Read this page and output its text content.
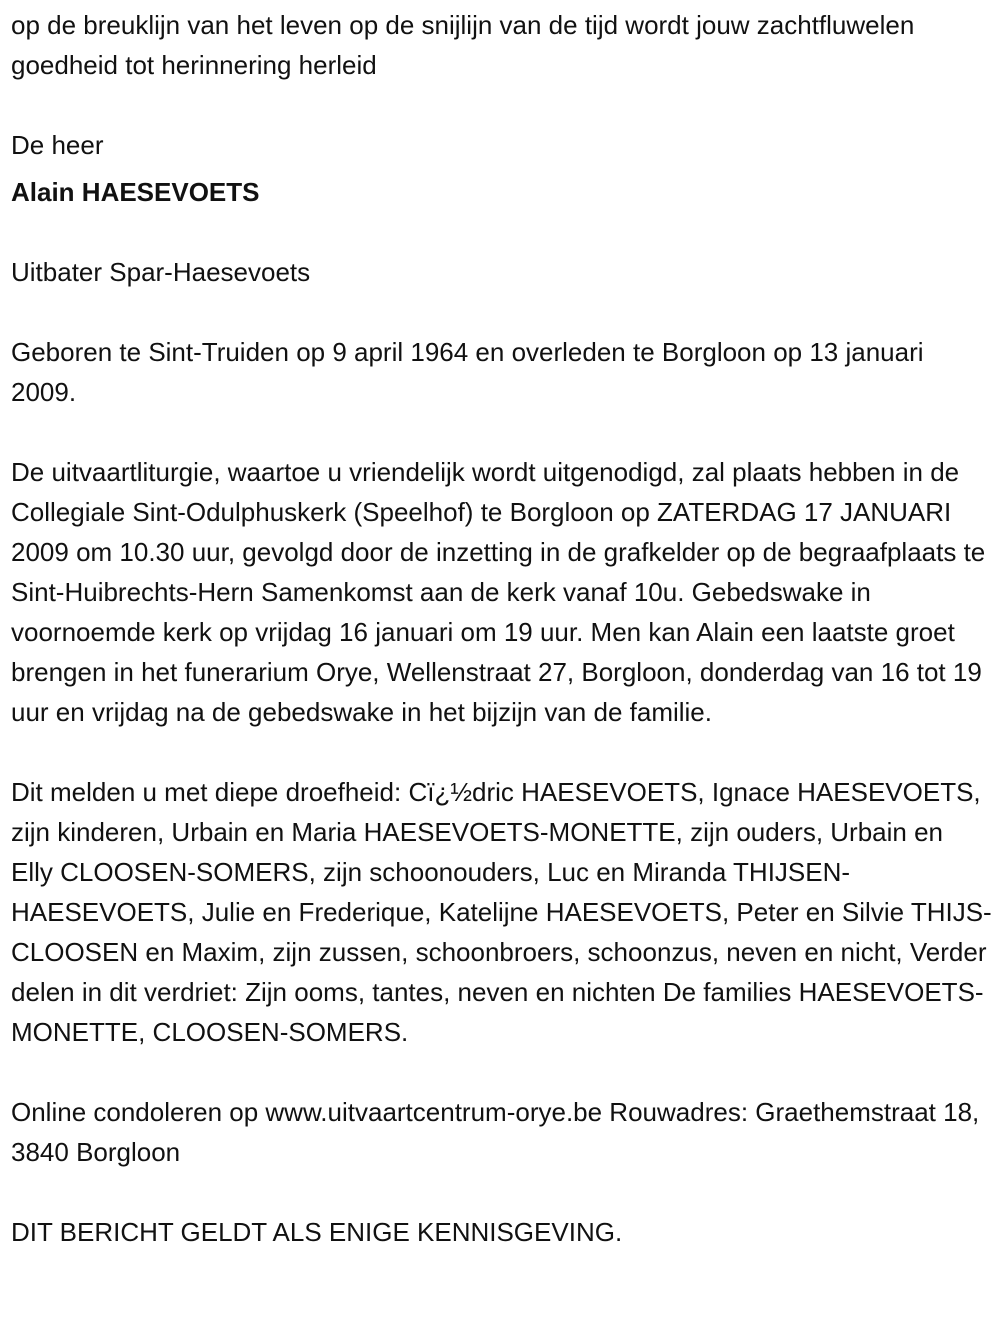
op de breuklijn van het leven op de snijlijn van de tijd wordt jouw zachtfluwelen goedheid tot herinnering herleid

De heer

Alain HAESEVOETS

Uitbater Spar-Haesevoets

Geboren te Sint-Truiden op 9 april 1964 en overleden te Borgloon op 13 januari 2009.

De uitvaartliturgie, waartoe u vriendelijk wordt uitgenodigd, zal plaats hebben in de Collegiale Sint-Odulphuskerk (Speelhof) te Borgloon op ZATERDAG 17 JANUARI 2009 om 10.30 uur, gevolgd door de inzetting in de grafkelder op de begraafplaats te Sint-Huibrechts-Hern Samenkomst aan de kerk vanaf 10u. Gebedswake in voornoemde kerk op vrijdag 16 januari om 19 uur. Men kan Alain een laatste groet brengen in het funerarium Orye, Wellenstraat 27, Borgloon, donderdag van 16 tot 19 uur en vrijdag na de gebedswake in het bijzijn van de familie.

Dit melden u met diepe droefheid: Cï¿½dric HAESEVOETS, Ignace HAESEVOETS, zijn kinderen, Urbain en Maria HAESEVOETS-MONETTE, zijn ouders, Urbain en Elly CLOOSEN-SOMERS, zijn schoonouders, Luc en Miranda THIJSEN-HAESEVOETS, Julie en Frederique, Katelijne HAESEVOETS, Peter en Silvie THIJS-CLOOSEN en Maxim, zijn zussen, schoonbroers, schoonzus, neven en nicht, Verder delen in dit verdriet: Zijn ooms, tantes, neven en nichten De families HAESEVOETS- MONETTE, CLOOSEN-SOMERS.

Online condoleren op www.uitvaartcentrum-orye.be Rouwadres: Graethemstraat 18, 3840 Borgloon

DIT BERICHT GELDT ALS ENIGE KENNISGEVING.
